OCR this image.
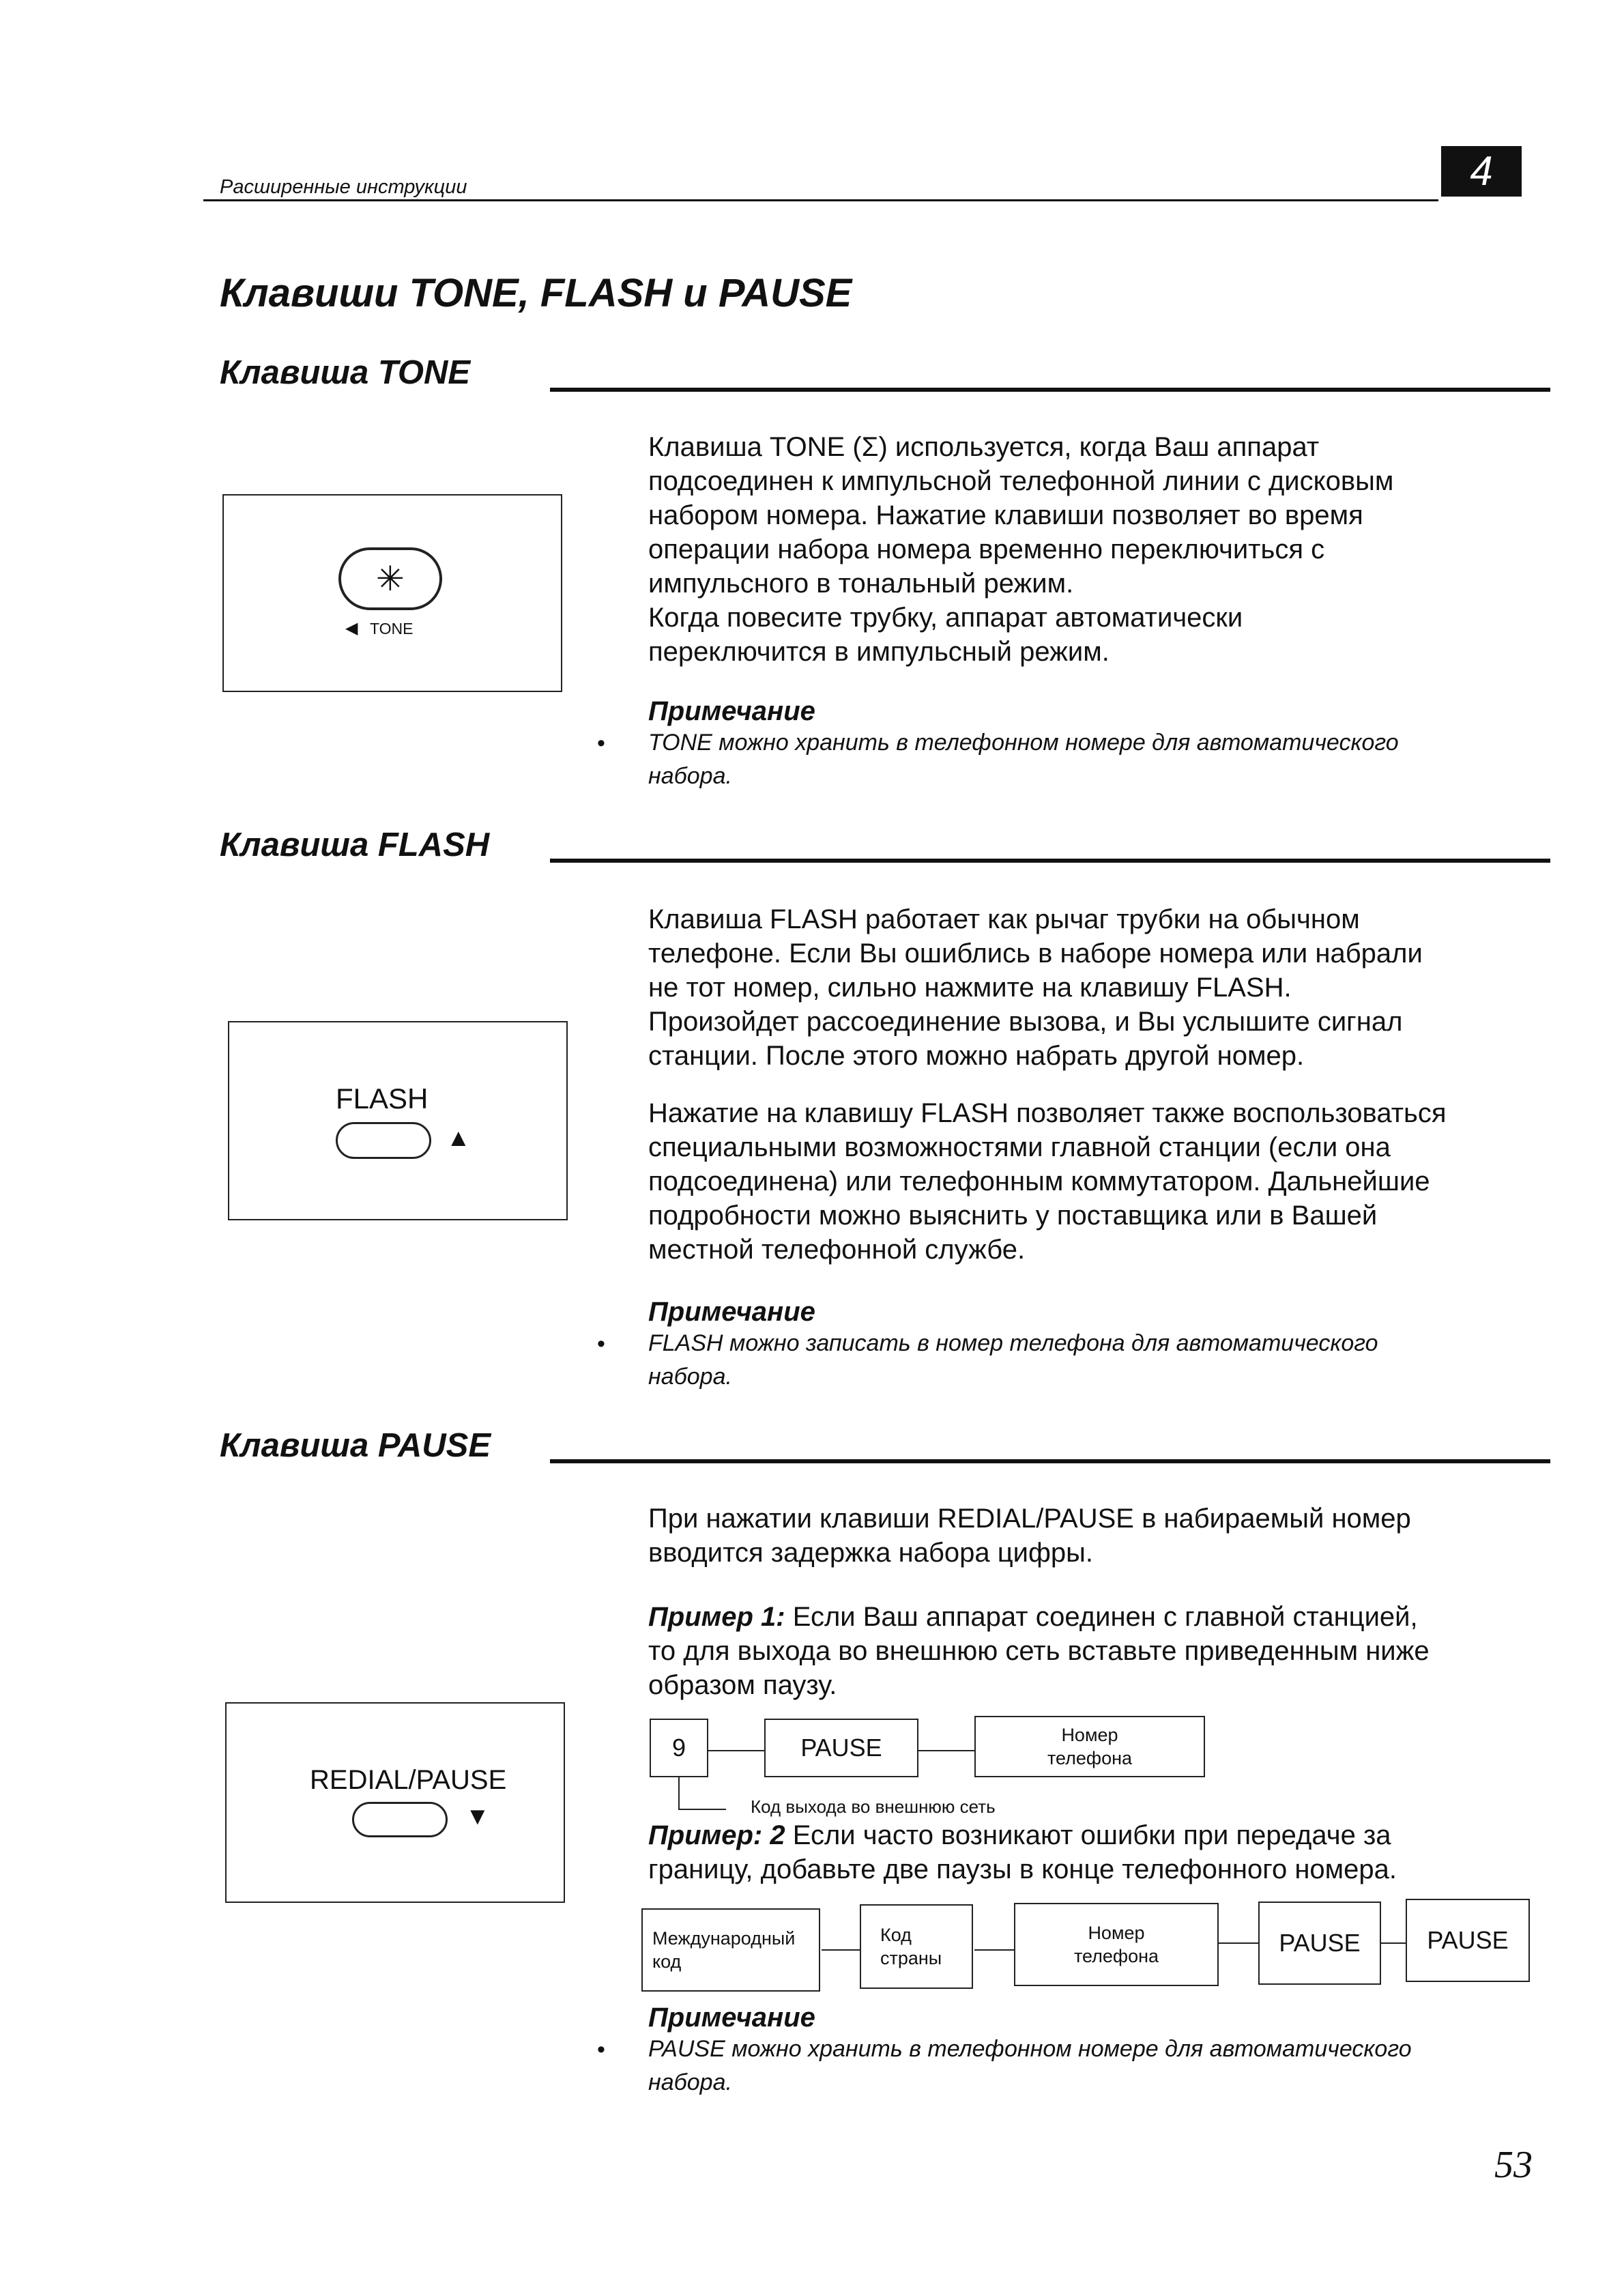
Расширенные инструкции	4
Клавиши TONE, FLASH и PAUSE
Клавиша TONE
✳
◀ TONE

Клавиша TONE (Σ) используется, когда Ваш аппарат

подсоединен к импульсной телефонной линии с дисковым

набором номера. Нажатие клавиши позволяет во время

операции набора номера временно переключиться с

импульсного в тональный режим.

Когда повесите трубку, аппарат автоматически

переключится в импульсный режим.

Примечание
• TONE можно хранить в телефонном номере для автоматического
набора.
Клавиша FLASH
FLASH
▲

Клавиша FLASH работает как рычаг трубки на обычном

телефоне. Если Вы ошиблись в наборе номера или набрали

не тот номер, сильно нажмите на клавишу FLASH.

Произойдет рассоединение вызова, и Вы услышите сигнал

станции. После этого можно набрать другой номер.

Нажатие на клавишу FLASH позволяет также воспользоваться

специальными возможностями главной станции (если она

подсоединена) или телефонным коммутатором. Дальнейшие

подробности можно выяснить у поставщика или в Вашей

местной телефонной службе.

Примечание
• FLASH можно записать в номер телефона для автоматического
набора.
Клавиша PAUSE
REDIAL/PAUSE
▼

При нажатии клавиши REDIAL/PAUSE в набираемый номер

вводится задержка набора цифры.

Пример 1: Если Ваш аппарат соединен с главной станцией,

то для выхода во внешнюю сеть вставьте приведенным ниже

образом паузу.

9	PAUSE	Номер
телефона
Код выхода во внешнюю сеть

Пример: 2 Если часто возникают ошибки при передаче за

границу, добавьте две паузы в конце телефонного номера.

Международный
код
Код
страны
Номер
телефона	PAUSE	PAUSE
Примечание
• PAUSE можно хранить в телефонном номере для автоматического
набора.
53
